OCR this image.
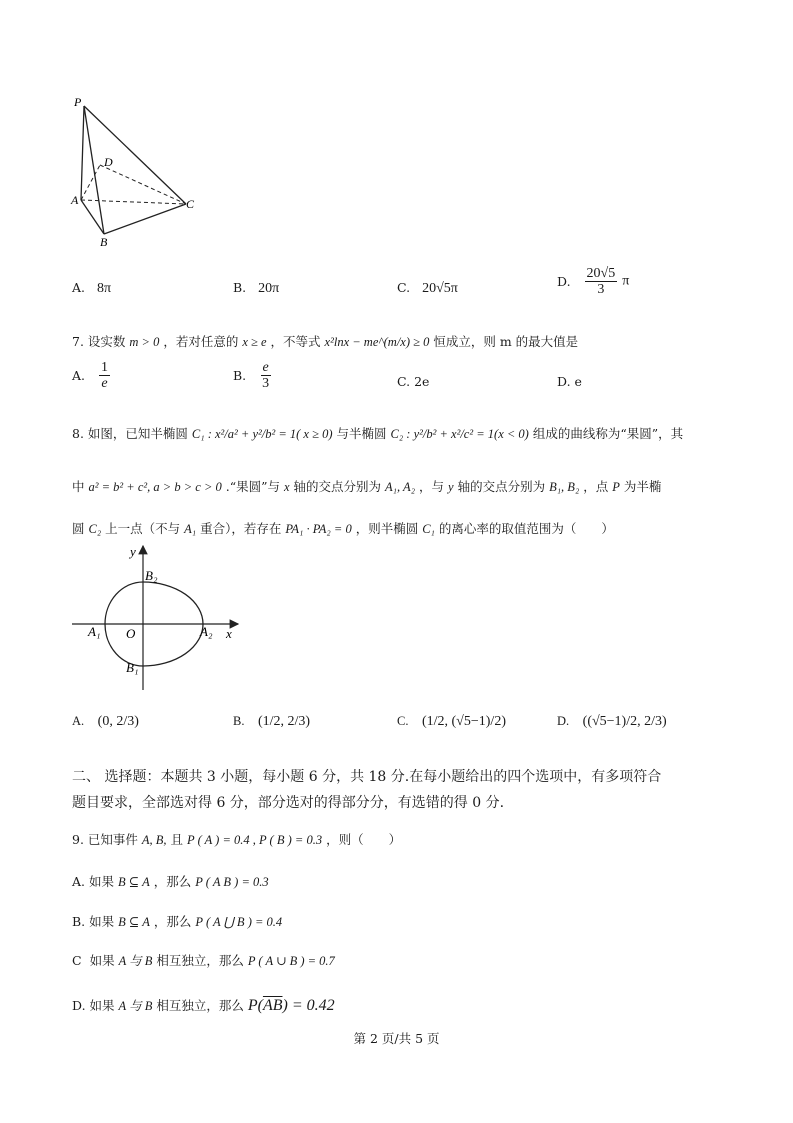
P
D
A	C
B
A. 8π	B. 20π	C. 20√5π	D. $\frac{20√5}{3}$ π
7. 设实数 m > 0 ，若对任意的 x ≥ e ，不等式 x²lnx − me^(m/x) ≥ 0 恒成立，则 m 的最大值是
A. $\frac{1}{e}$	B. $\frac{e}{3}$	C. 2e	D. e
8. 如图，已知半椭圆 C₁ : x²/a² + y²/b² = 1( x ≥ 0) 与半椭圆 C₂ : y²/b² + x²/c² = 1(x < 0) 组成的曲线称为“果圆”，其
中 a² = b² + c², a > b > c > 0 .“果圆”与 x 轴的交点分别为 A₁, A₂ ，与 y 轴的交点分别为 B₁, B₂ ，点 P 为半椭
圆 C₂ 上一点（不与 A₁ 重合），若存在 PA₁ · PA₂ = 0 ，则半椭圆 C₁ 的离心率的取值范围为（　　）
y
x
O
B₂
B₁
A₁	A₂
A. (0, 2/3)	B. (1/2, 2/3)	C. (1/2, (√5−1)/2)	D. ((√5−1)/2, 2/3)
二、 选择题：本题共 3 小题，每小题 6 分，共 18 分.在每小题给出的四个选项中，有多项符合
题目要求，全部选对得 6 分，部分选对的得部分分，有选错的得 0 分.
9. 已知事件 A, B, 且 P ( A ) = 0.4 , P ( B ) = 0.3 ，则（　　）
A. 如果 B ⊆ A ，那么 P ( A B ) = 0.3
B. 如果 B ⊆ A ，那么 P ( A ⋃ B ) = 0.4
C 如果 A 与 B 相互独立，那么 P ( A ∪ B ) = 0.7
D. 如果 A 与 B 相互独立，那么 $P(\overline{AB}) = 0.42$
第 2 页/共 5 页
